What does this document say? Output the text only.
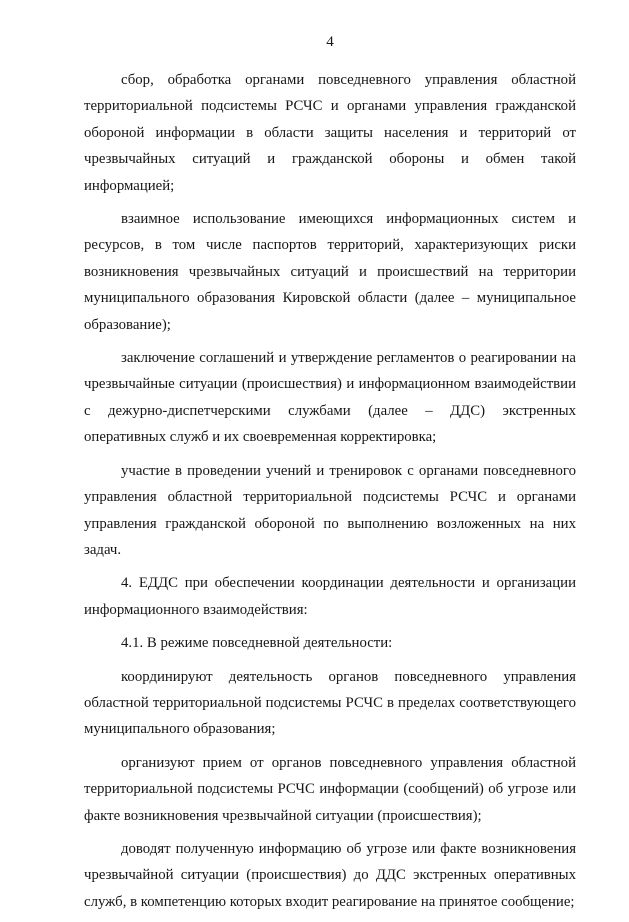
4

сбор, обработка органами повседневного управления областной территориальной подсистемы РСЧС и органами управления гражданской обороной информации в области защиты населения и территорий от чрезвычайных ситуаций и гражданской обороны и обмен такой информацией;

взаимное использование имеющихся информационных систем и ресурсов, в том числе паспортов территорий, характеризующих риски возникновения чрезвычайных ситуаций и происшествий на территории муниципального образования Кировской области (далее – муниципальное образование);

заключение соглашений и утверждение регламентов о реагировании на чрезвычайные ситуации (происшествия) и информационном взаимодействии с дежурно-диспетчерскими службами (далее – ДДС) экстренных оперативных служб и их своевременная корректировка;

участие в проведении учений и тренировок с органами повседневного управления областной территориальной подсистемы РСЧС и органами управления гражданской обороной по выполнению возложенных на них задач.

4. ЕДДС при обеспечении координации деятельности и организации информационного взаимодействия:

4.1. В режиме повседневной деятельности:

координируют деятельность органов повседневного управления областной территориальной подсистемы РСЧС в пределах соответствующего муниципального образования;

организуют прием от органов повседневного управления областной территориальной подсистемы РСЧС информации (сообщений) об угрозе или факте возникновения чрезвычайной ситуации (происшествия);

доводят полученную информацию об угрозе или факте возникновения чрезвычайной ситуации (происшествия) до ДДС экстренных оперативных служб, в компетенцию которых входит реагирование на принятое сообщение;
